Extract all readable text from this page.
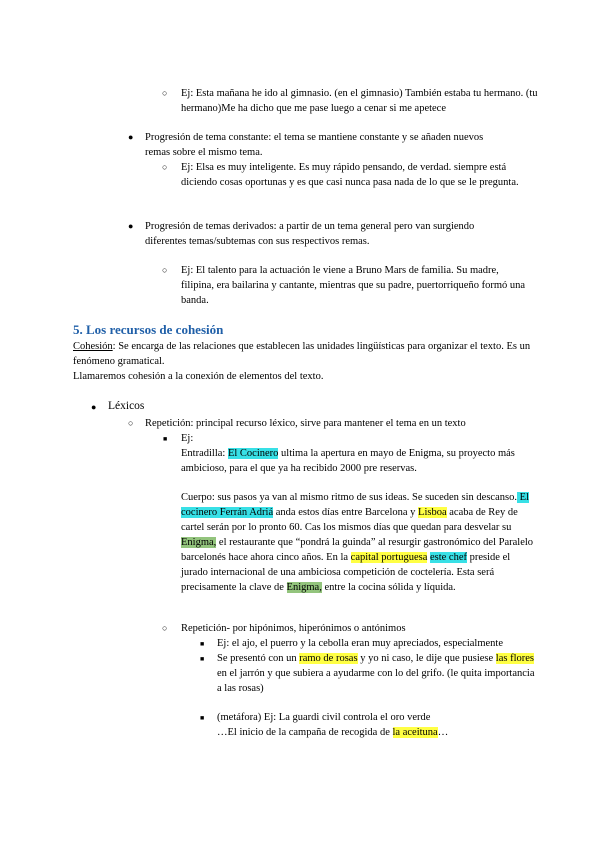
○ Ej: Esta mañana he ido al gimnasio. (en el gimnasio) También estaba tu hermano. (tu hermano)Me ha dicho que me pase luego a cenar si me apetece
● Progresión de tema constante: el tema se mantiene constante y se añaden nuevos remas sobre el mismo tema.
○ Ej: Elsa es muy inteligente. Es muy rápido pensando, de verdad. siempre está diciendo cosas oportunas y es que casi nunca pasa nada de lo que se le pregunta.
● Progresión de temas derivados: a partir de un tema general pero van surgiendo diferentes temas/subtemas con sus respectivos remas.
○ Ej: El talento para la actuación le viene a Bruno Mars de familia. Su madre, filipina, era bailarina y cantante, mientras que su padre, puertorriqueño formó una banda.
5. Los recursos de cohesión
Cohesión: Se encarga de las relaciones que establecen las unidades lingüísticas para organizar el texto. Es un fenómeno gramatical.
Llamaremos cohesión a la conexión de elementos del texto.
● Léxicos
○ Repetición: principal recurso léxico, sirve para mantener el tema en un texto
■ Ej:
Entradilla: El Cocinero ultima la apertura en mayo de Enigma, su proyecto más ambicioso, para el que ya ha recibido 2000 pre reservas.
Cuerpo: sus pasos ya van al mismo ritmo de sus ideas. Se suceden sin descanso. El cocinero Ferrán Adriá anda estos días entre Barcelona y Lisboa acaba de Rey de cartel serán por lo pronto 60. Cas los mismos días que quedan para desvelar su Enigma, el restaurante que “pondrá la guinda” al resurgir gastronómico del Paralelo barcelonés hace ahora cinco años. En la capital portuguesa este chef preside el jurado internacional de una ambiciosa competición de coctelería. Esta será precisamente la clave de Enigma, entre la cocina sólida y líquida.
○ Repetición- por hipónimos, hiperónimos o antónimos
■ Ej: el ajo, el puerro y la cebolla eran muy apreciados, especialmente
■ Se presentó con un ramo de rosas y yo ni caso, le dije que pusiese las flores en el jarrón y que subiera a ayudarme con lo del grifo. (le quita importancia a las rosas)
■ (metáfora) Ej: La guardi civil controla el oro verde
…El inicio de la campaña de recogida de la aceituna…
